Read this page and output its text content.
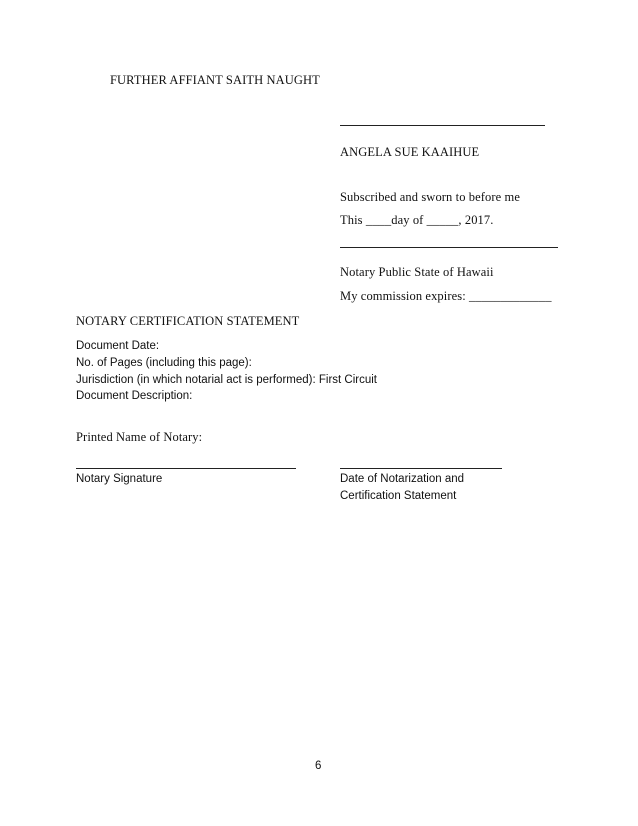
FURTHER AFFIANT SAITH NAUGHT
ANGELA SUE KAAIHUE
Subscribed and sworn to before me
This ____day of _____, 2017.
Notary Public State of Hawaii
My commission expires: _____________
NOTARY CERTIFICATION STATEMENT
Document Date:
No. of Pages (including this page):
Jurisdiction (in which notarial act is performed): First Circuit
Document Description:
Printed Name of Notary:
Notary Signature	Date of Notarization and
Certification Statement
6
